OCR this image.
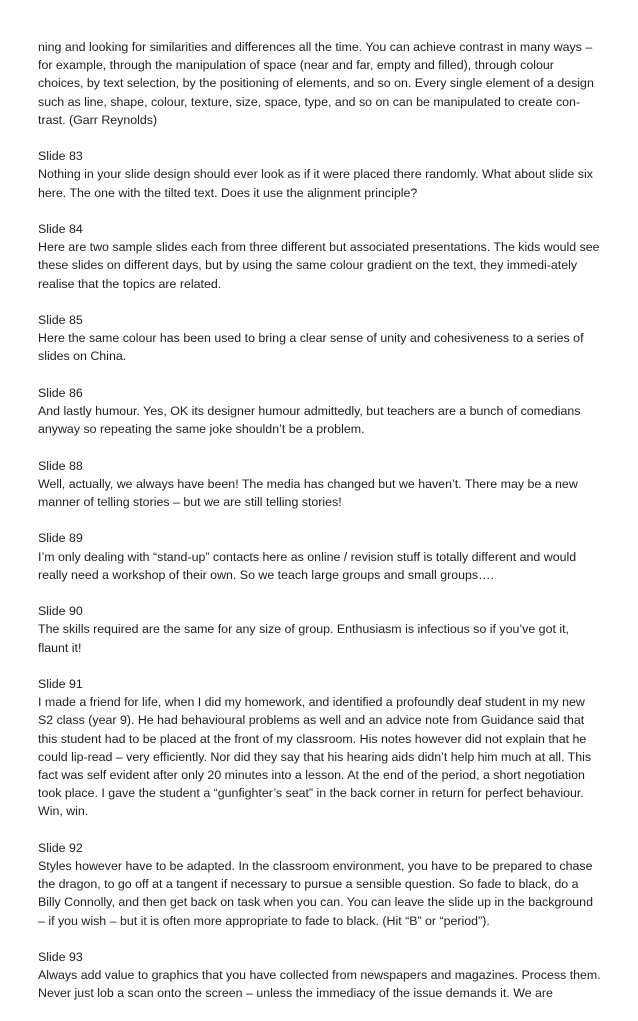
ning and looking for similarities and differences all the time. You can achieve contrast in many ways – for example, through the manipulation of space (near and far, empty and filled), through colour choices, by text selection, by the positioning of elements, and so on. Every single element of a design such as line, shape, colour, texture, size, space, type, and so on can be manipulated to create con-trast. (Garr Reynolds)

Slide 83
Nothing in your slide design should ever look as if it were placed there randomly. What about slide six here. The one with the tilted text. Does it use the alignment principle?
Slide 84
Here are two sample slides each from three different but associated presentations. The kids would see these slides on different days, but by using the same colour gradient on the text, they immedi-ately realise that the topics are related.
Slide 85
Here the same colour has been used to bring a clear sense of unity and cohesiveness to a series of slides on China.
Slide 86
And lastly humour. Yes, OK its designer humour admittedly, but teachers are a bunch of comedians anyway so repeating the same joke shouldn’t be a problem.
Slide 88
Well, actually, we always have been! The media has changed but we haven’t. There may be a new manner of telling stories – but we are still telling stories!
Slide 89
I’m only dealing with “stand-up” contacts here as online / revision stuff is totally different and would really need a workshop of their own. So we teach large groups and small groups….
Slide 90
The skills required are the same for any size of group. Enthusiasm is infectious so if you’ve got it, flaunt it!
Slide 91
I made a friend for life, when I did my homework, and identified a profoundly deaf student in my new S2 class (year 9). He had behavioural problems as well and an advice note from Guidance said that this student had to be placed at the front of my classroom. His notes however did not explain that he could lip-read – very efficiently. Nor did they say that his hearing aids didn’t help him much at all. This fact was self evident after only 20 minutes into a lesson. At the end of the period, a short negotiation took place. I gave the student a “gunfighter’s seat” in the back corner in return for perfect behaviour. Win, win.
Slide 92
Styles however have to be adapted. In the classroom environment, you have to be prepared to chase the dragon, to go off at a tangent if necessary to pursue a sensible question. So fade to black, do a Billy Connolly, and then get back on task when you can. You can leave the slide up in the background – if you wish – but it is often more appropriate to fade to black. (Hit “B” or “period”).
Slide 93
Always add value to graphics that you have collected from newspapers and magazines. Process them. Never just lob a scan onto the screen – unless the immediacy of the issue demands it. We are
